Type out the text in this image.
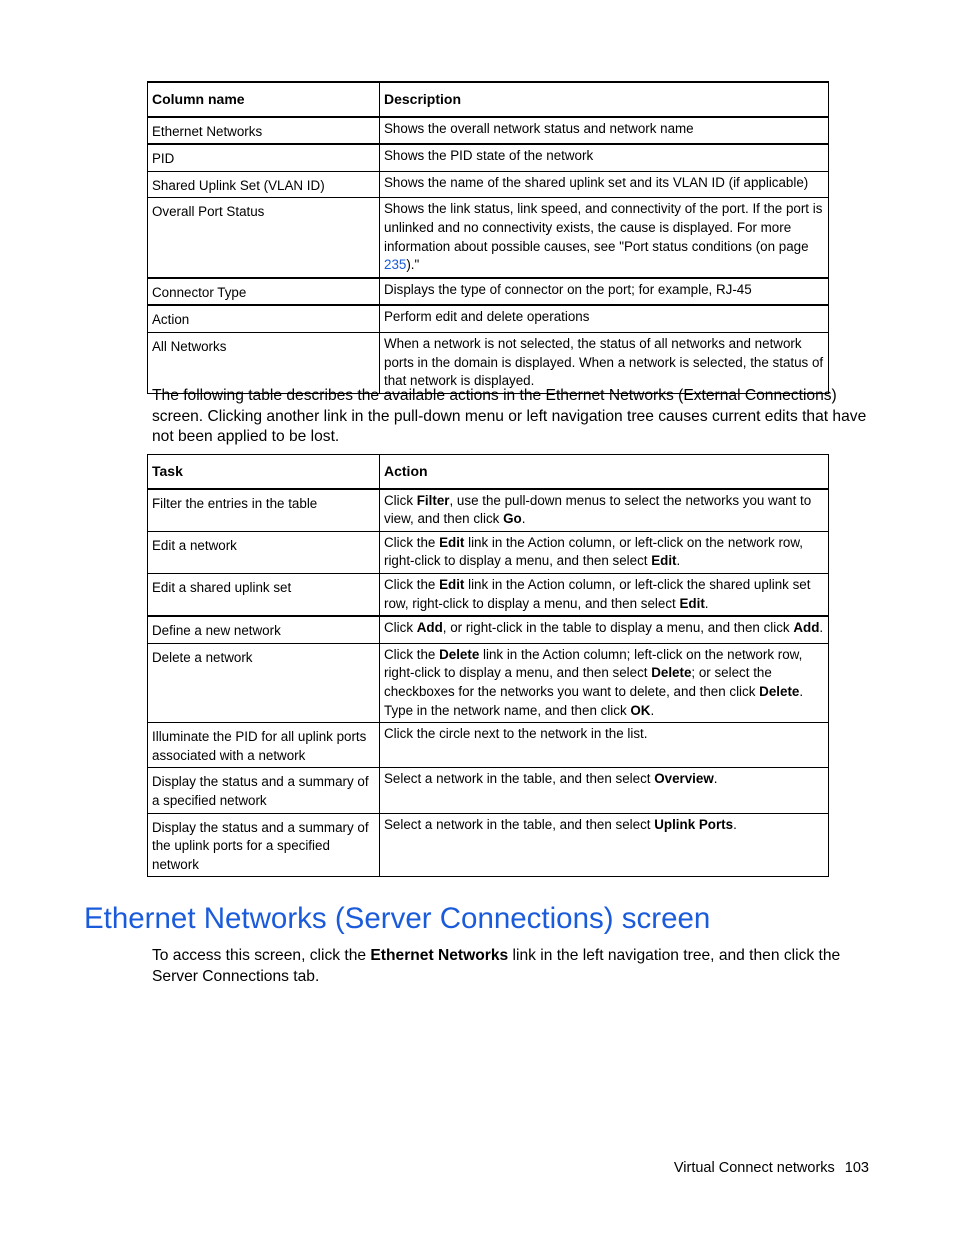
Column name	Description
Ethernet Networks	Shows the overall network status and network name
PID	Shows the PID state of the network
Shared Uplink Set (VLAN ID)	Shows the name of the shared uplink set and its VLAN ID (if applicable)
Overall Port Status	Shows the link status, link speed, and connectivity of the port. If the port is unlinked and no connectivity exists, the cause is displayed. For more information about possible causes, see "Port status conditions (on page 235)."
Connector Type	Displays the type of connector on the port; for example, RJ-45
Action	Perform edit and delete operations
All Networks	When a network is not selected, the status of all networks and network ports in the domain is displayed. When a network is selected, the status of that network is displayed.

The following table describes the available actions in the Ethernet Networks (External Connections) screen. Clicking another link in the pull-down menu or left navigation tree causes current edits that have not been applied to be lost.

Task	Action
Filter the entries in the table	Click Filter, use the pull-down menus to select the networks you want to view, and then click Go.
Edit a network	Click the Edit link in the Action column, or left-click on the network row, right-click to display a menu, and then select Edit.
Edit a shared uplink set	Click the Edit link in the Action column, or left-click the shared uplink set row, right-click to display a menu, and then select Edit.
Define a new network	Click Add, or right-click in the table to display a menu, and then click Add.
Delete a network	Click the Delete link in the Action column; left-click on the network row, right-click to display a menu, and then select Delete; or select the checkboxes for the networks you want to delete, and then click Delete. Type in the network name, and then click OK.
Illuminate the PID for all uplink ports associated with a network	Click the circle next to the network in the list.
Display the status and a summary of a specified network	Select a network in the table, and then select Overview.
Display the status and a summary of the uplink ports for a specified network	Select a network in the table, and then select Uplink Ports.
Ethernet Networks (Server Connections) screen

To access this screen, click the Ethernet Networks link in the left navigation tree, and then click the Server Connections tab.

Virtual Connect networks 103
